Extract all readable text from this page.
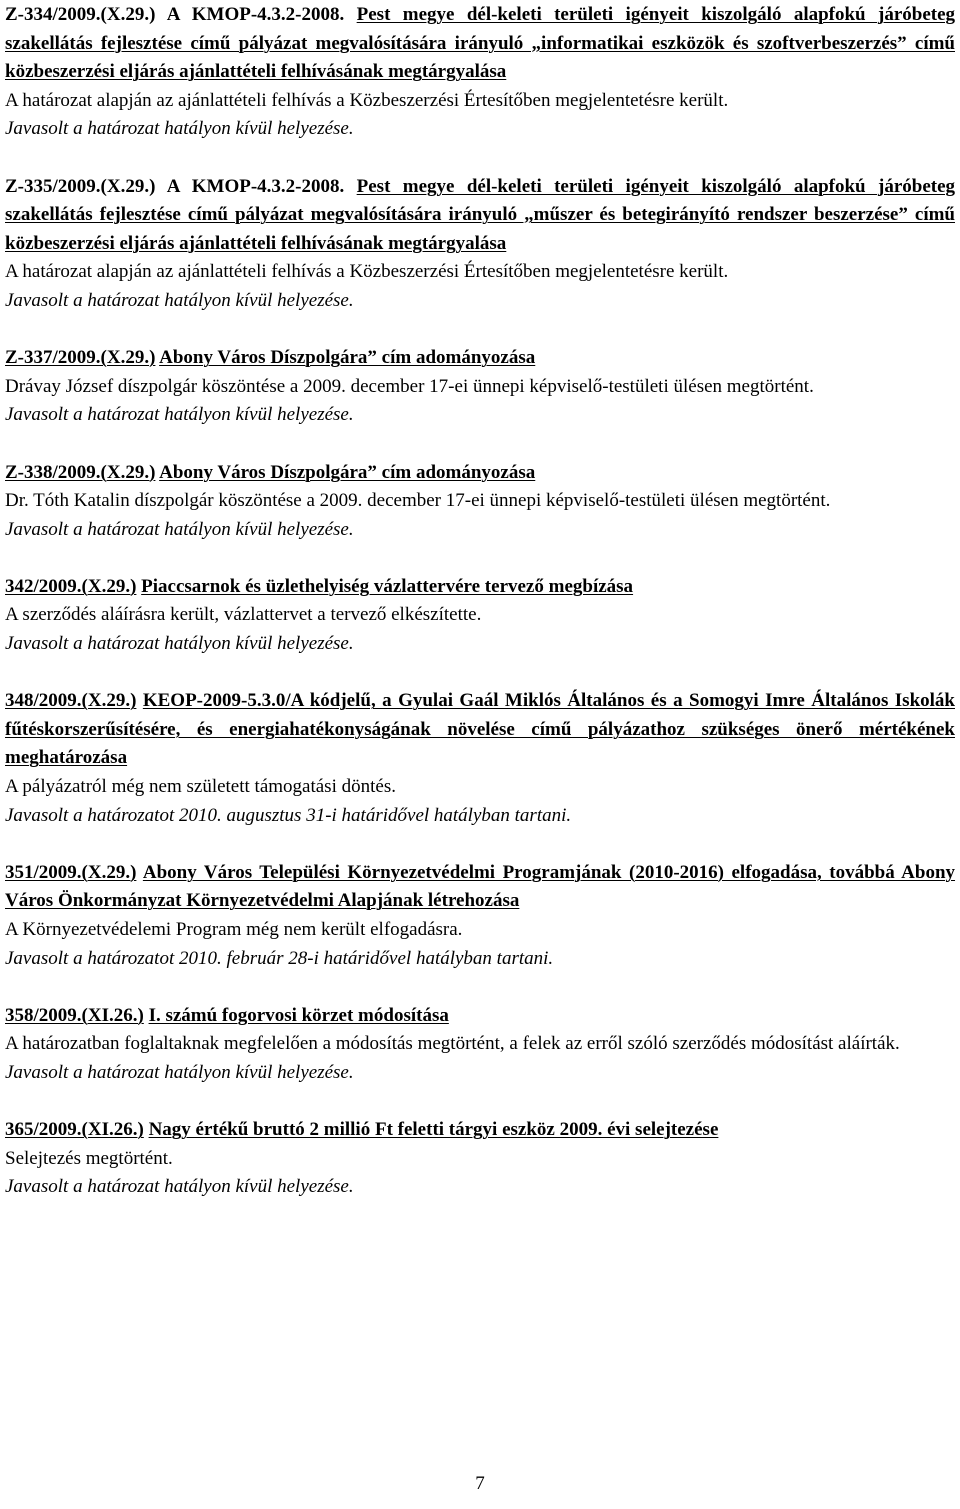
Z-334/2009.(X.29.) A KMOP-4.3.2-2008. Pest megye dél-keleti területi igényeit kiszolgáló alapfokú járóbeteg szakellátás fejlesztése című pályázat megvalósítására irányuló „informatikai eszközök és szoftverbeszerzés” című közbeszerzési eljárás ajánlattételi felhívásának megtárgyalása
A határozat alapján az ajánlattételi felhívás a Közbeszerzési Értesítőben megjelentetésre került.
Javasolt a határozat hatályon kívül helyezése.
Z-335/2009.(X.29.) A KMOP-4.3.2-2008. Pest megye dél-keleti területi igényeit kiszolgáló alapfokú járóbeteg szakellátás fejlesztése című pályázat megvalósítására irányuló „műszer és betegirányító rendszer beszerzése” című közbeszerzési eljárás ajánlattételi felhívásának megtárgyalása
A határozat alapján az ajánlattételi felhívás a Közbeszerzési Értesítőben megjelentetésre került.
Javasolt a határozat hatályon kívül helyezése.
Z-337/2009.(X.29.) Abony Város Díszpolgára” cím adományozása
Drávay József díszpolgár köszöntése a 2009. december 17-ei ünnepi képviselő-testületi ülésen megtörtént.
Javasolt a határozat hatályon kívül helyezése.
Z-338/2009.(X.29.) Abony Város Díszpolgára” cím adományozása
Dr. Tóth Katalin díszpolgár köszöntése a 2009. december 17-ei ünnepi képviselő-testületi ülésen megtörtént.
Javasolt a határozat hatályon kívül helyezése.
342/2009.(X.29.) Piaccsarnok és üzlethelyiség vázlattervére tervező megbízása
A szerződés aláírásra került, vázlattervet a tervező elkészítette.
Javasolt a határozat hatályon kívül helyezése.
348/2009.(X.29.) KEOP-2009-5.3.0/A kódjelű, a Gyulai Gaál Miklós Általános és a Somogyi Imre Általános Iskolák fűtéskorszerűsítésére, és energiahatékonyságának növelése című pályázathoz szükséges önerő mértékének meghatározása
A pályázatról még nem született támogatási döntés.
Javasolt a határozatot 2010. augusztus 31-i határidővel hatályban tartani.
351/2009.(X.29.) Abony Város Települési Környezetvédelmi Programjának (2010-2016) elfogadása, továbbá Abony Város Önkormányzat Környezetvédelmi Alapjának létrehozása
A Környezetvédelemi Program még nem került elfogadásra.
Javasolt a határozatot 2010. február 28-i határidővel hatályban tartani.
358/2009.(XI.26.) I. számú fogorvosi körzet módosítása
A határozatban foglaltaknak megfelelően a módosítás megtörtént, a felek az erről szóló szerződés módosítást aláírták.
Javasolt a határozat hatályon kívül helyezése.
365/2009.(XI.26.) Nagy értékű bruttó 2 millió Ft feletti tárgyi eszköz 2009. évi selejtezése
Selejtezés megtörtént.
Javasolt a határozat hatályon kívül helyezése.
7
